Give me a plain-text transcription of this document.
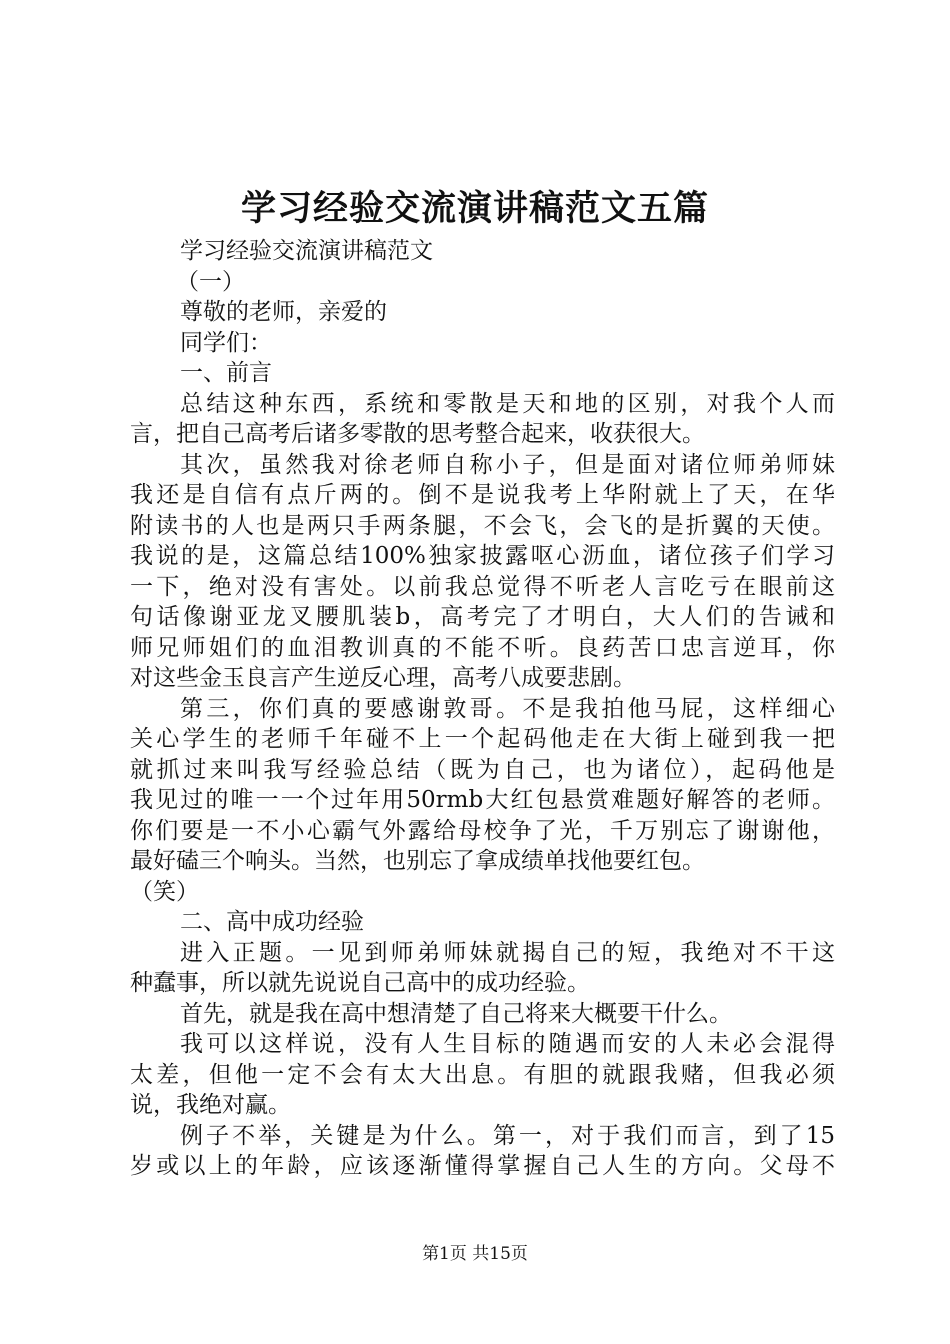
学习经验交流演讲稿范文五篇
学习经验交流演讲稿范文
（一）
尊敬的老师，亲爱的
同学们：
一、前言
总结这种东西，系统和零散是天和地的区别，对我个人而
言，把自己高考后诸多零散的思考整合起来，收获很大。
其次，虽然我对徐老师自称小子，但是面对诸位师弟师妹
我还是自信有点斤两的。倒不是说我考上华附就上了天，在华
附读书的人也是两只手两条腿，不会飞，会飞的是折翼的天使。
我说的是，这篇总结100%独家披露呕心沥血，诸位孩子们学习
一下，绝对没有害处。以前我总觉得不听老人言吃亏在眼前这
句话像谢亚龙叉腰肌装b，高考完了才明白，大人们的告诫和
师兄师姐们的血泪教训真的不能不听。良药苦口忠言逆耳，你
对这些金玉良言产生逆反心理，高考八成要悲剧。
第三，你们真的要感谢敦哥。不是我拍他马屁，这样细心
关心学生的老师千年碰不上一个起码他走在大街上碰到我一把
就抓过来叫我写经验总结（既为自己，也为诸位），起码他是
我见过的唯一一个过年用50rmb大红包悬赏难题好解答的老师。
你们要是一不小心霸气外露给母校争了光，千万别忘了谢谢他，
最好磕三个响头。当然，也别忘了拿成绩单找他要红包。
（笑）
二、高中成功经验
进入正题。一见到师弟师妹就揭自己的短，我绝对不干这
种蠢事，所以就先说说自己高中的成功经验。
首先，就是我在高中想清楚了自己将来大概要干什么。
我可以这样说，没有人生目标的随遇而安的人未必会混得
太差，但他一定不会有太大出息。有胆的就跟我赌，但我必须
说，我绝对赢。
例子不举，关键是为什么。第一，对于我们而言，到了15
岁或以上的年龄，应该逐渐懂得掌握自己人生的方向。父母不
第1页 共15页
